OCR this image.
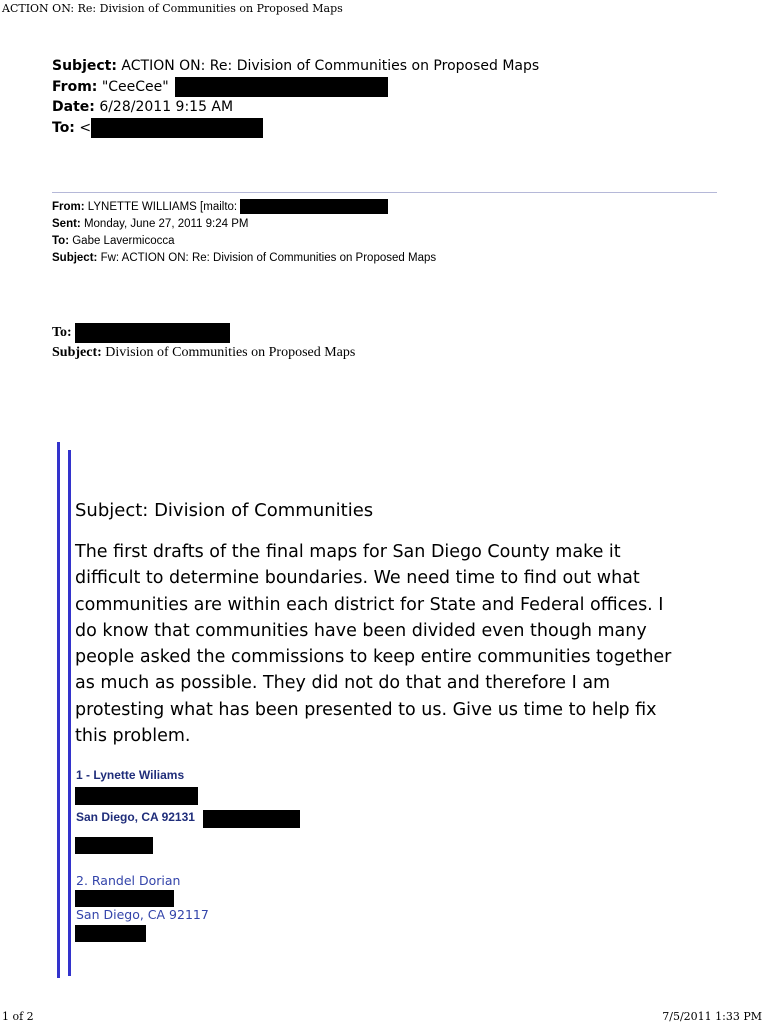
ACTION ON: Re: Division of Communities on Proposed Maps
Subject: ACTION ON: Re: Division of Communities on Proposed Maps
From: "CeeCee"
Date: 6/28/2011 9:15 AM
To: <
From: LYNETTE WILLIAMS [mailto:
Sent: Monday, June 27, 2011 9:24 PM
To: Gabe Lavermicocca
Subject: Fw: ACTION ON: Re: Division of Communities on Proposed Maps
To:
Subject: Division of Communities on Proposed Maps

Subject: Division of Communities

The first drafts of the final maps for San Diego County make it difficult to determine boundaries. We need time to find out what communities are within each district for State and Federal offices. I do know that communities have been divided even though many people asked the commissions to keep entire communities together as much as possible. They did not do that and therefore I am protesting what has been presented to us. Give us time to help fix this problem.

1 - Lynette Wiliams
San Diego, CA 92131
2. Randel Dorian
San Diego, CA 92117
1 of 2	7/5/2011 1:33 PM
